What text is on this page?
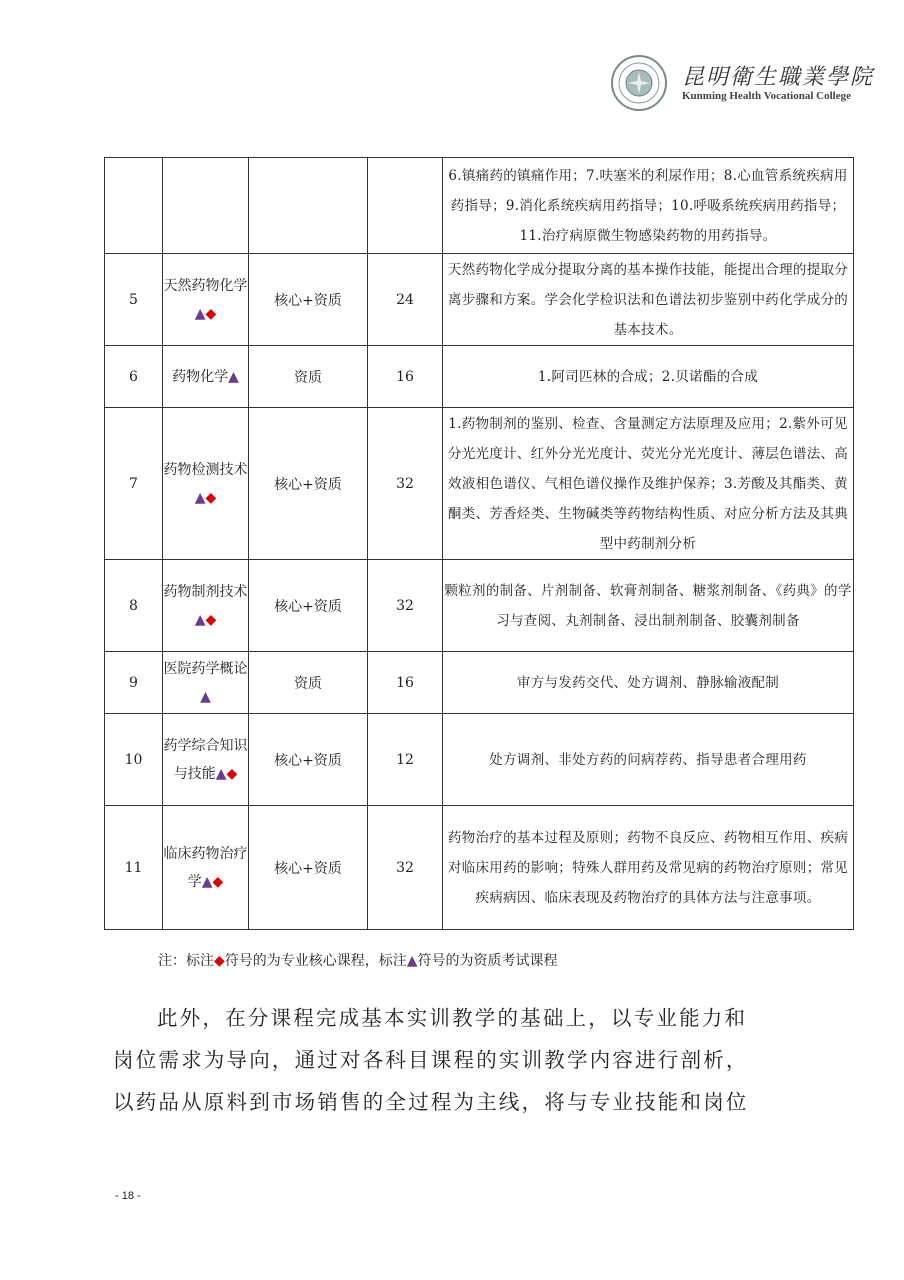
昆明衛生職業學院
Kunming Health Vocational College
				6.镇痛药的镇痛作用；7.呋塞米的利尿作用；8.心血管系统疾病用药指导；9.消化系统疾病用药指导；10.呼吸系统疾病用药指导；11.治疗病原微生物感染药物的用药指导。
5	天然药物化学▲◆	核心+资质	24	天然药物化学成分提取分离的基本操作技能，能提出合理的提取分离步骤和方案。学会化学检识法和色谱法初步鉴别中药化学成分的基本技术。
6	药物化学▲	资质	16	1.阿司匹林的合成；2.贝诺酯的合成
7	药物检测技术▲◆	核心+资质	32	1.药物制剂的鉴别、检查、含量测定方法原理及应用；2.紫外可见分光光度计、红外分光光度计、荧光分光光度计、薄层色谱法、高效液相色谱仪、气相色谱仪操作及维护保养；3.芳酸及其酯类、黄酮类、芳香烃类、生物碱类等药物结构性质、对应分析方法及其典型中药制剂分析
8	药物制剂技术▲◆	核心+资质	32	颗粒剂的制备、片剂制备、软膏剂制备、糖浆剂制备、《药典》的学习与查阅、丸剂制备、浸出制剂制备、胶囊剂制备
9	医院药学概论▲	资质	16	审方与发药交代、处方调剂、静脉输液配制
10	药学综合知识与技能▲◆	核心+资质	12	处方调剂、非处方药的问病荐药、指导患者合理用药
11	临床药物治疗学▲◆	核心+资质	32	药物治疗的基本过程及原则；药物不良反应、药物相互作用、疾病对临床用药的影响；特殊人群用药及常见病的药物治疗原则；常见疾病病因、临床表现及药物治疗的具体方法与注意事项。
注：标注◆符号的为专业核心课程，标注▲符号的为资质考试课程

此外，在分课程完成基本实训教学的基础上，以专业能力和

岗位需求为导向，通过对各科目课程的实训教学内容进行剖析，

以药品从原料到市场销售的全过程为主线，将与专业技能和岗位

- 18 -
